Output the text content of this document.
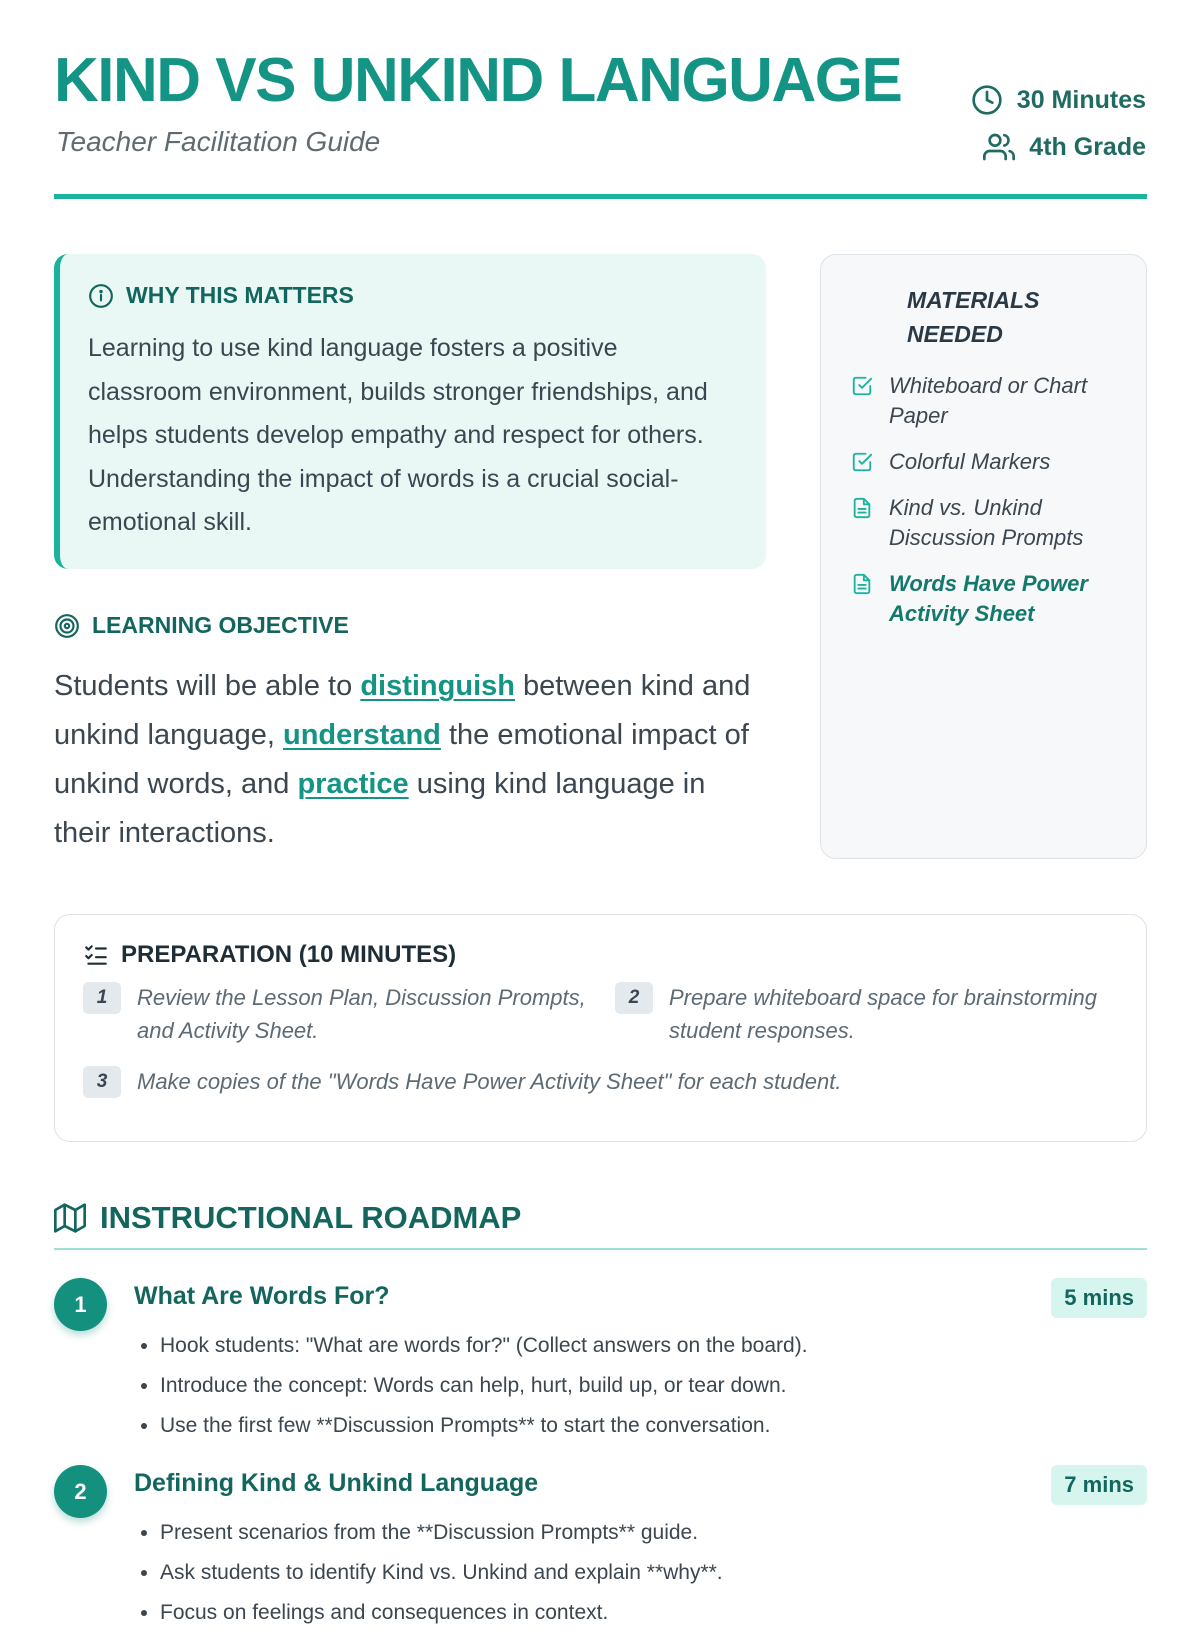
KIND VS UNKIND LANGUAGE
Teacher Facilitation Guide
30 Minutes
4th Grade
WHY THIS MATTERS
Learning to use kind language fosters a positive classroom environment, builds stronger friendships, and helps students develop empathy and respect for others. Understanding the impact of words is a crucial social-emotional skill.
LEARNING OBJECTIVE

Students will be able to distinguish between kind and unkind language, understand the emotional impact of unkind words, and practice using kind language in their interactions.

MATERIALS NEEDED
Whiteboard or Chart Paper
Colorful Markers
Kind vs. Unkind Discussion Prompts
Words Have Power Activity Sheet
PREPARATION (10 MINUTES)
1	Review the Lesson Plan, Discussion Prompts, and Activity Sheet.
2	Prepare whiteboard space for brainstorming student responses.
3	Make copies of the "Words Have Power Activity Sheet" for each student.
INSTRUCTIONAL ROADMAP
1	What Are Words For?	5 mins
• Hook students: "What are words for?" (Collect answers on the board).
• Introduce the concept: Words can help, hurt, build up, or tear down.
• Use the first few **Discussion Prompts** to start the conversation.
2	Defining Kind & Unkind Language	7 mins
• Present scenarios from the **Discussion Prompts** guide.
• Ask students to identify Kind vs. Unkind and explain **why**.
• Focus on feelings and consequences in context.
